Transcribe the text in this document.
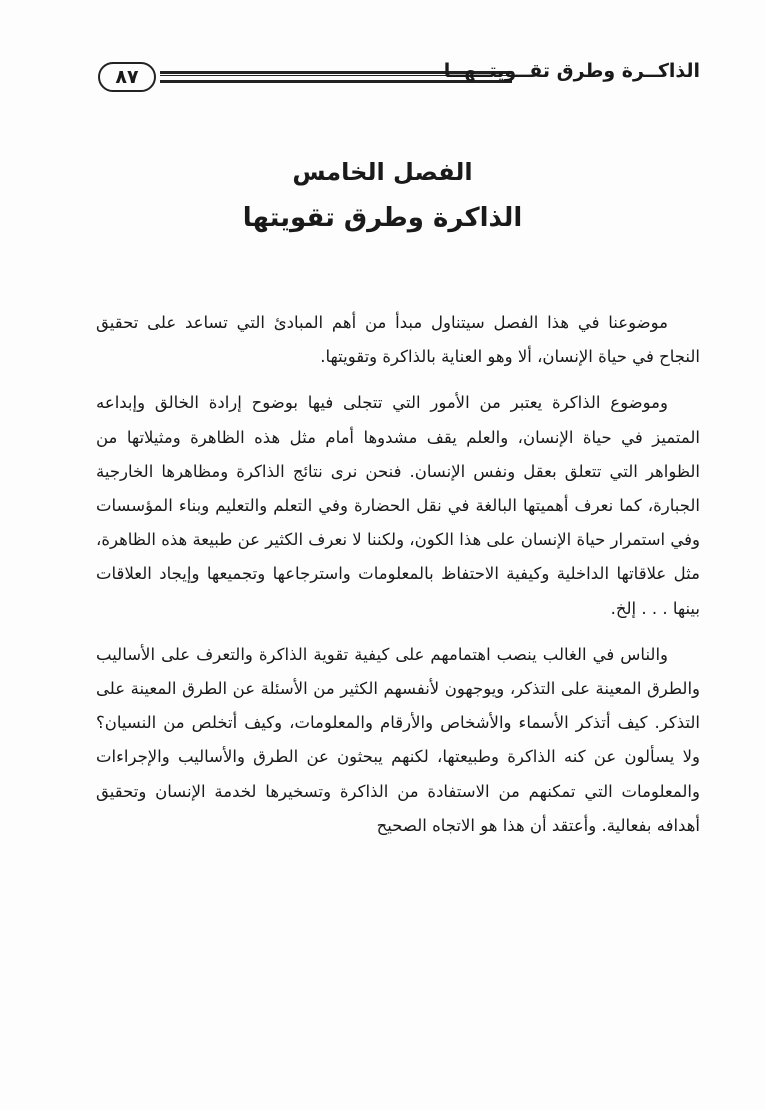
٨٧	الذاكــرة وطرق تقــويتــهــا
الفصل الخامس
الذاكرة وطرق تقويتها

موضوعنا في هذا الفصل سيتناول مبدأ من أهم المبادئ التي تساعد على تحقيق النجاح في حياة الإنسان، ألا وهو العناية بالذاكرة وتقويتها.

وموضوع الذاكرة يعتبر من الأمور التي تتجلى فيها بوضوح إرادة الخالق وإبداعه المتميز في حياة الإنسان، والعلم يقف مشدوها أمام مثل هذه الظاهرة ومثيلاتها من الظواهر التي تتعلق بعقل ونفس الإنسان. فنحن نرى نتائج الذاكرة ومظاهرها الخارجية الجبارة، كما نعرف أهميتها البالغة في نقل الحضارة وفي التعلم والتعليم وبناء المؤسسات وفي استمرار حياة الإنسان على هذا الكون، ولكننا لا نعرف الكثير عن طبيعة هذه الظاهرة، مثل علاقاتها الداخلية وكيفية الاحتفاظ بالمعلومات واسترجاعها وتجميعها وإيجاد العلاقات بينها . . . إلخ.

والناس في الغالب ينصب اهتمامهم على كيفية تقوية الذاكرة والتعرف على الأساليب والطرق المعينة على التذكر، ويوجهون لأنفسهم الكثير من الأسئلة عن الطرق المعينة على التذكر. كيف أتذكر الأسماء والأشخاص والأرقام والمعلومات، وكيف أتخلص من النسيان؟ ولا يسألون عن كنه الذاكرة وطبيعتها، لكنهم يبحثون عن الطرق والأساليب والإجراءات والمعلومات التي تمكنهم من الاستفادة من الذاكرة وتسخيرها لخدمة الإنسان وتحقيق أهدافه بفعالية. وأعتقد أن هذا هو الاتجاه الصحيح
